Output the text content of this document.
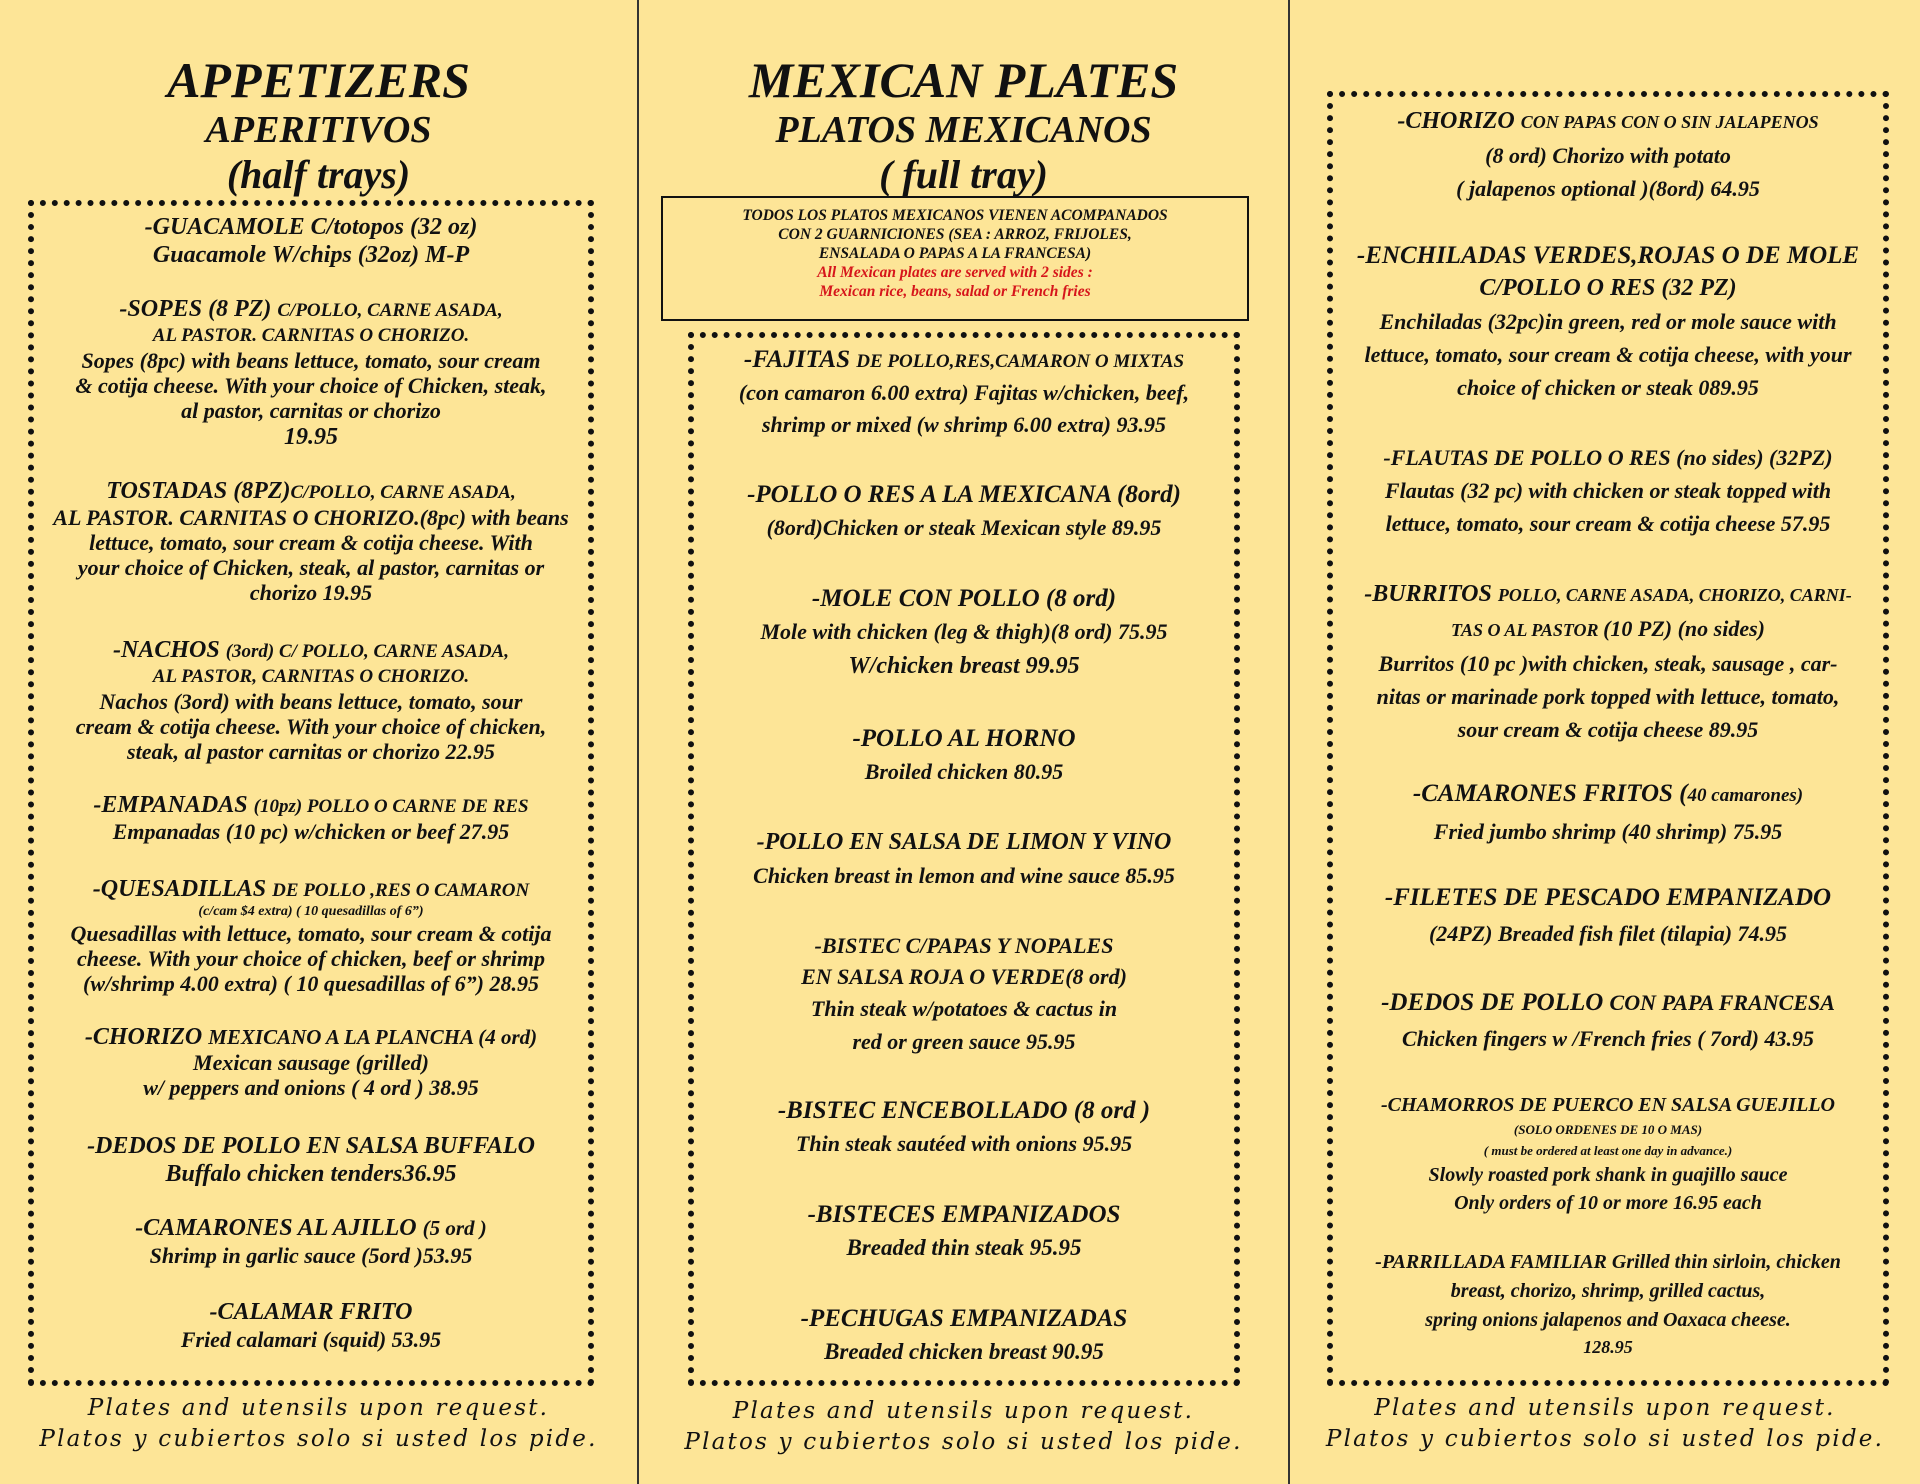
APPETIZERS
APERITIVOS
(half trays)
-GUACAMOLE C/totopos (32 oz)
Guacamole W/chips (32oz) M-P
-SOPES (8 PZ) C/POLLO, CARNE ASADA,
AL PASTOR. CARNITAS O CHORIZO.
Sopes (8pc) with beans lettuce, tomato, sour cream
& cotija cheese. With your choice of Chicken, steak,
al pastor, carnitas or chorizo
19.95
TOSTADAS (8PZ)C/POLLO, CARNE ASADA,
AL PASTOR. CARNITAS O CHORIZO.(8pc) with beans
lettuce, tomato, sour cream & cotija cheese. With
your choice of Chicken, steak, al pastor, carnitas or
chorizo 19.95
-NACHOS (3ord) C/ POLLO, CARNE ASADA,
AL PASTOR, CARNITAS O CHORIZO.
Nachos (3ord) with beans lettuce, tomato, sour
cream & cotija cheese. With your choice of chicken,
steak, al pastor carnitas or chorizo 22.95
-EMPANADAS (10pz) POLLO O CARNE DE RES
Empanadas (10 pc) w/chicken or beef 27.95
-QUESADILLAS DE POLLO ,RES O CAMARON
(c/cam $4 extra) ( 10 quesadillas of 6”)
Quesadillas with lettuce, tomato, sour cream & cotija
cheese. With your choice of chicken, beef or shrimp
(w/shrimp 4.00 extra) ( 10 quesadillas of 6”) 28.95
-CHORIZO MEXICANO A LA PLANCHA (4 ord)
Mexican sausage (grilled)
w/ peppers and onions ( 4 ord ) 38.95
-DEDOS DE POLLO EN SALSA BUFFALO
Buffalo chicken tenders36.95
-CAMARONES AL AJILLO (5 ord )
Shrimp in garlic sauce (5ord )53.95
-CALAMAR FRITO
Fried calamari (squid) 53.95
Plates and utensils upon request.
Platos y cubiertos solo si usted los pide.
MEXICAN PLATES
PLATOS MEXICANOS
( full tray)
TODOS LOS PLATOS MEXICANOS VIENEN ACOMPANADOS
CON 2 GUARNICIONES (SEA : ARROZ, FRIJOLES,
ENSALADA O PAPAS A LA FRANCESA)
All Mexican plates are served with 2 sides :
Mexican rice, beans, salad or French fries
-FAJITAS DE POLLO,RES,CAMARON O MIXTAS
(con camaron 6.00 extra) Fajitas w/chicken, beef,
shrimp or mixed (w shrimp 6.00 extra) 93.95
-POLLO O RES A LA MEXICANA (8ord)
(8ord)Chicken or steak Mexican style 89.95
-MOLE CON POLLO (8 ord)
Mole with chicken (leg & thigh)(8 ord) 75.95
W/chicken breast 99.95
-POLLO AL HORNO
Broiled chicken 80.95
-POLLO EN SALSA DE LIMON Y VINO
Chicken breast in lemon and wine sauce 85.95
-BISTEC C/PAPAS Y NOPALES
EN SALSA ROJA O VERDE(8 ord)
Thin steak w/potatoes & cactus in
red or green sauce 95.95
-BISTEC ENCEBOLLADO (8 ord )
Thin steak sautéed with onions 95.95
-BISTECES EMPANIZADOS
Breaded thin steak 95.95
-PECHUGAS EMPANIZADAS
Breaded chicken breast 90.95
Plates and utensils upon request.
Platos y cubiertos solo si usted los pide.
-CHORIZO CON PAPAS CON O SIN JALAPENOS
(8 ord) Chorizo with potato
( jalapenos optional )(8ord) 64.95
-ENCHILADAS VERDES,ROJAS O DE MOLE
C/POLLO O RES (32 PZ)
Enchiladas (32pc)in green, red or mole sauce with
lettuce, tomato, sour cream & cotija cheese, with your
choice of chicken or steak 089.95
-FLAUTAS DE POLLO O RES (no sides) (32PZ)
Flautas (32 pc) with chicken or steak topped with
lettuce, tomato, sour cream & cotija cheese 57.95
-BURRITOS POLLO, CARNE ASADA, CHORIZO, CARNI-
TAS O AL PASTOR (10 PZ) (no sides)
Burritos (10 pc )with chicken, steak, sausage , car-
nitas or marinade pork topped with lettuce, tomato,
sour cream & cotija cheese 89.95
-CAMARONES FRITOS (40 camarones)
Fried jumbo shrimp (40 shrimp) 75.95
-FILETES DE PESCADO EMPANIZADO
(24PZ) Breaded fish filet (tilapia) 74.95
-DEDOS DE POLLO CON PAPA FRANCESA
Chicken fingers w /French fries ( 7ord) 43.95
-CHAMORROS DE PUERCO EN SALSA GUEJILLO
(SOLO ORDENES DE 10 O MAS)
( must be ordered at least one day in advance.)
Slowly roasted pork shank in guajillo sauce
Only orders of 10 or more 16.95 each
-PARRILLADA FAMILIAR Grilled thin sirloin, chicken
breast, chorizo, shrimp, grilled cactus,
spring onions jalapenos and Oaxaca cheese.
128.95
Plates and utensils upon request.
Platos y cubiertos solo si usted los pide.
